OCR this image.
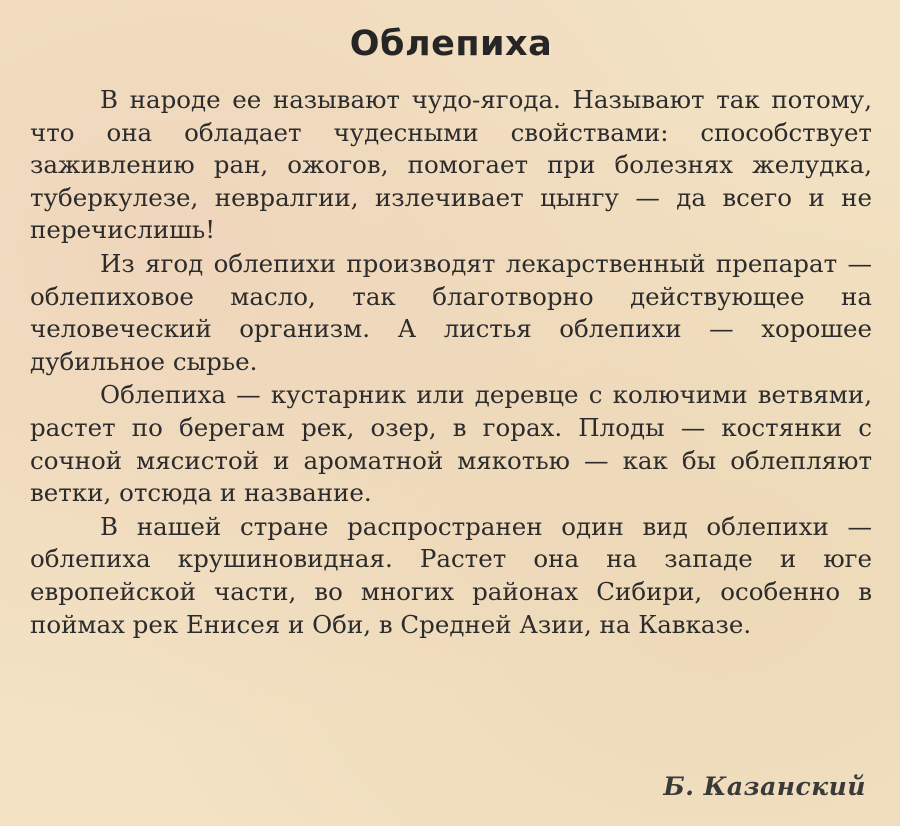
Облепиха

В народе ее называют чудо-ягода. Называют так потому, что она обладает чудесными свойствами: способствует заживлению ран, ожогов, помогает при болезнях желудка, туберкулезе, невралгии, излечивает цынгу — да всего и не перечислишь!

Из ягод облепихи производят лекарственный препарат — облепиховое масло, так благотворно действующее на человеческий организм. А листья облепихи — хорошее дубильное сырье.

Облепиха — кустарник или деревце с колючими ветвями, растет по берегам рек, озер, в горах. Плоды — костянки с сочной мясистой и ароматной мякотью — как бы облепляют ветки, отсюда и название.

В нашей стране распространен один вид облепихи — облепиха крушиновидная. Растет она на западе и юге европейской части, во многих районах Сибири, особенно в поймах рек Енисея и Оби, в Средней Азии, на Кавказе.

Б. Казанский
